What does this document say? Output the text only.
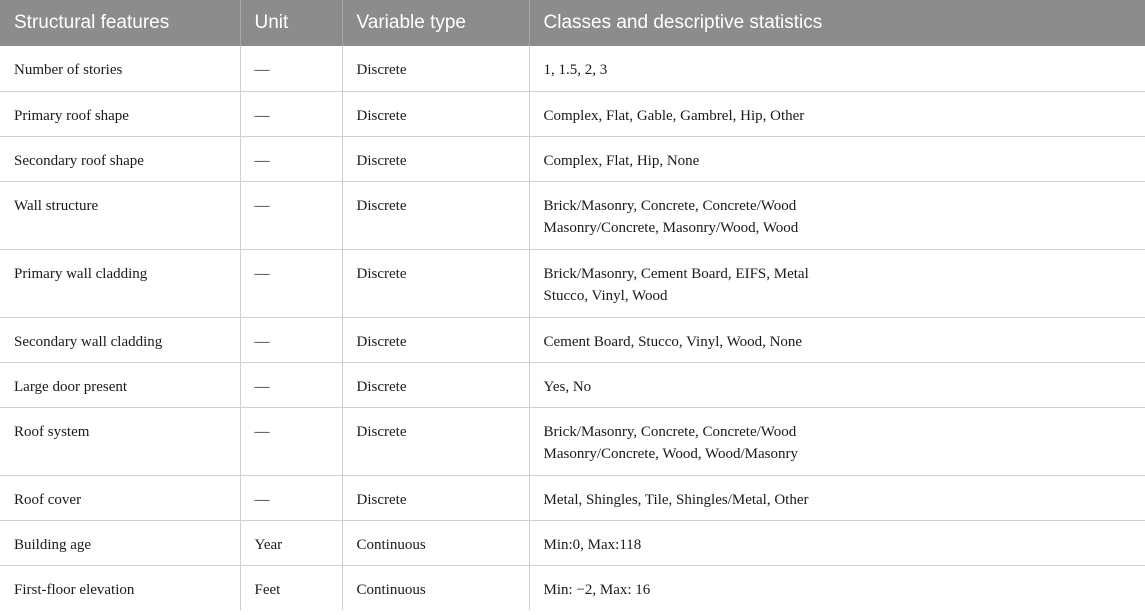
Structural features	Unit	Variable type	Classes and descriptive statistics
Number of stories	—	Discrete	1, 1.5, 2, 3

Primary roof shape	—	Discrete	Complex, Flat, Gable, Gambrel, Hip, Other

Secondary roof shape	—	Discrete	Complex, Flat, Hip, None

Wall structure	—	Discrete	Brick/Masonry, Concrete, Concrete/Wood
Masonry/Concrete, Masonry/Wood, Wood

Primary wall cladding	—	Discrete	Brick/Masonry, Cement Board, EIFS, Metal
Stucco, Vinyl, Wood

Secondary wall cladding	—	Discrete	Cement Board, Stucco, Vinyl, Wood, None

Large door present	—	Discrete	Yes, No

Roof system	—	Discrete	Brick/Masonry, Concrete, Concrete/Wood
Masonry/Concrete, Wood, Wood/Masonry

Roof cover	—	Discrete	Metal, Shingles, Tile, Shingles/Metal, Other

Building age	Year	Continuous	Min:0, Max:118

First-floor elevation	Feet	Continuous	Min: −2, Max: 16
